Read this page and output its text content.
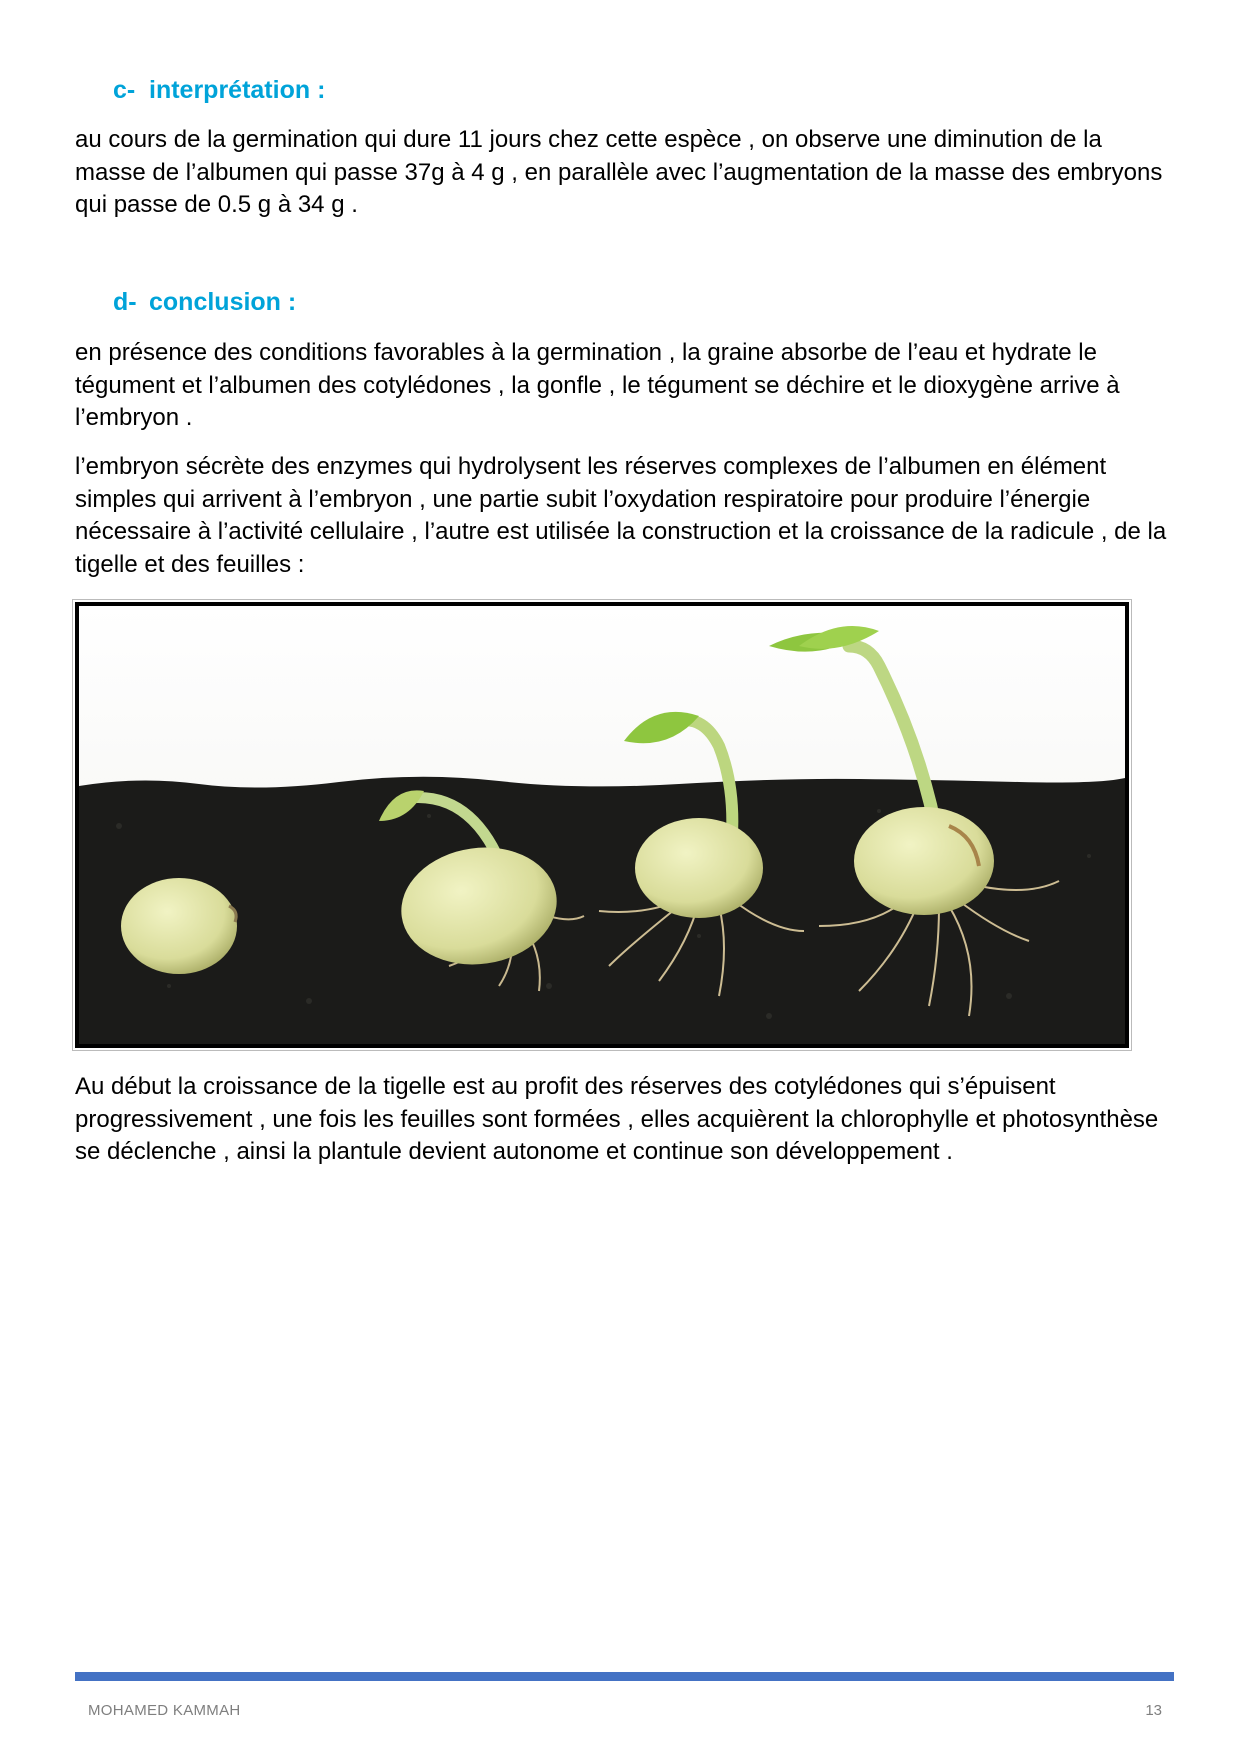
c- interprétation :

au cours de la germination qui dure 11 jours chez cette espèce , on observe une diminution de la masse de l’albumen qui passe 37g à 4 g , en parallèle avec l’augmentation de la masse des embryons qui passe de 0.5 g à 34 g .

d- conclusion :

en présence des conditions favorables à la germination , la graine absorbe de l’eau et hydrate le tégument et l’albumen des cotylédones , la gonfle , le tégument se déchire et le dioxygène arrive à l’embryon .

l’embryon sécrète des enzymes qui hydrolysent les réserves complexes de l’albumen en élément simples qui arrivent à l’embryon , une partie subit l’oxydation respiratoire pour produire l’énergie nécessaire à l’activité cellulaire , l’autre est utilisée la construction et la croissance de la radicule , de la tigelle et des feuilles :

Au début la croissance de la tigelle est au profit des réserves des cotylédones qui s’épuisent progressivement , une fois les feuilles sont formées , elles acquièrent la chlorophylle et photosynthèse se déclenche , ainsi la plantule devient autonome et continue son développement .

MOHAMED KAMMAH	13
